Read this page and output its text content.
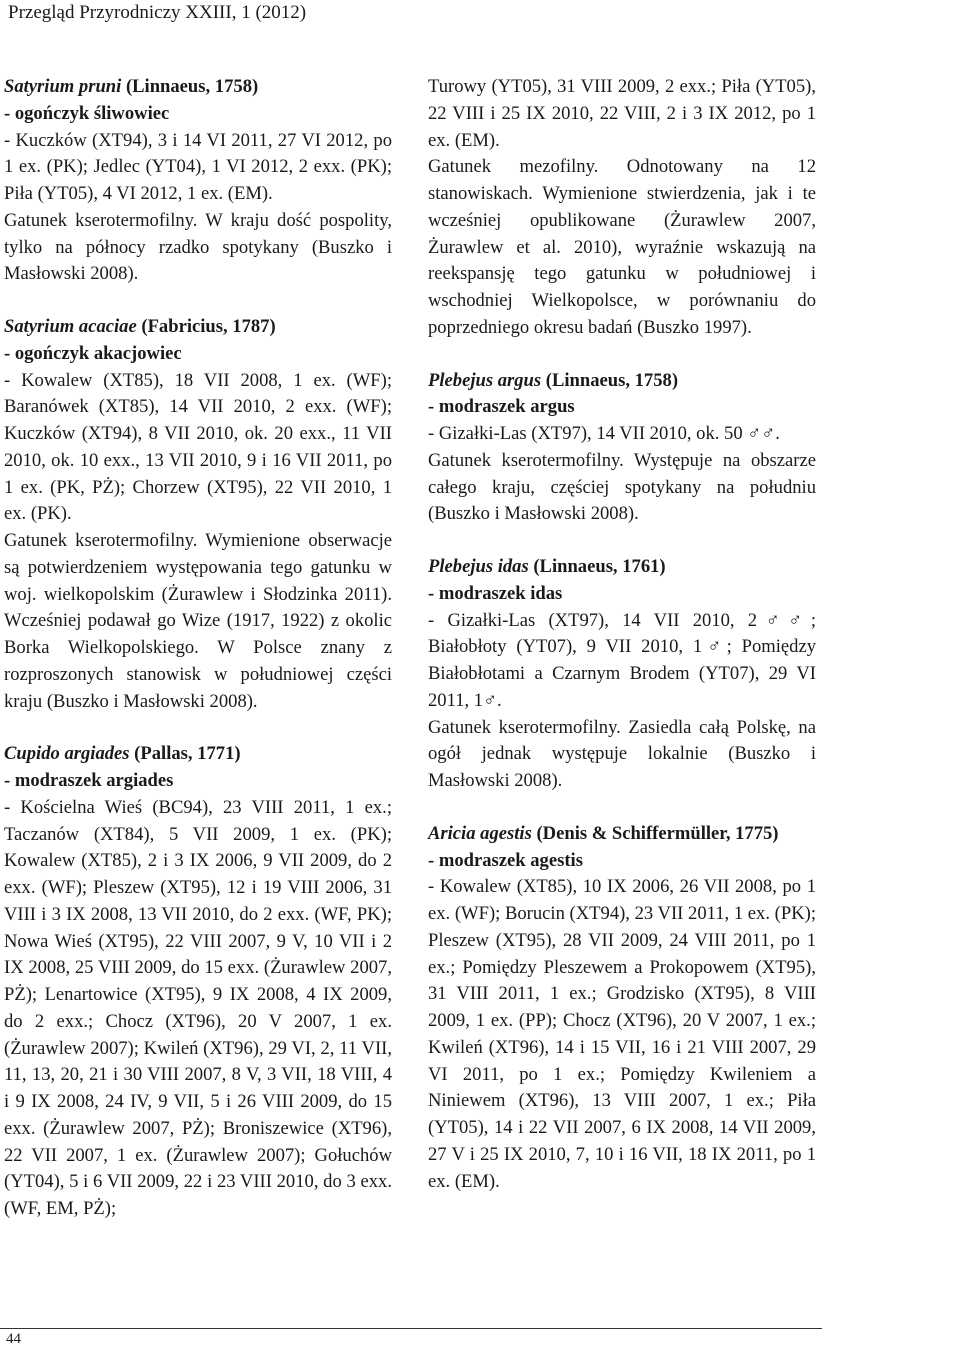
Przegląd Przyrodniczy XXIII, 1 (2012)

Satyrium pruni (Linnaeus, 1758)

- ogończyk śliwowiec

- Kuczków (XT94), 3 i 14 VI 2011, 27 VI 2012, po 1 ex. (PK); Jedlec (YT04), 1 VI 2012, 2 exx. (PK); Piła (YT05), 4 VI 2012, 1 ex. (EM).

Gatunek kserotermofilny. W kraju dość pospolity, tylko na północy rzadko spotykany (Buszko i Masłowski 2008).

Satyrium acaciae (Fabricius, 1787)

- ogończyk akacjowiec

- Kowalew (XT85), 18 VII 2008, 1 ex. (WF); Baranówek (XT85), 14 VII 2010, 2 exx. (WF); Kuczków (XT94), 8 VII 2010, ok. 20 exx., 11 VII 2010, ok. 10 exx., 13 VII 2010, 9 i 16 VII 2011, po 1 ex. (PK, PŻ); Chorzew (XT95), 22 VII 2010, 1 ex. (PK).

Gatunek kserotermofilny. Wymienione obserwacje są potwierdzeniem występowania tego gatunku w woj. wielkopolskim (Żurawlew i Słodzinka 2011). Wcześniej podawał go Wize (1917, 1922) z okolic Borka Wielkopolskiego. W Polsce znany z rozproszonych stanowisk w południowej części kraju (Buszko i Masłowski 2008).

Cupido argiades (Pallas, 1771)

- modraszek argiades

- Kościelna Wieś (BC94), 23 VIII 2011, 1 ex.; Taczanów (XT84), 5 VII 2009, 1 ex. (PK); Kowalew (XT85), 2 i 3 IX 2006, 9 VII 2009, do 2 exx. (WF); Pleszew (XT95), 12 i 19 VIII 2006, 31 VIII i 3 IX 2008, 13 VII 2010, do 2 exx. (WF, PK); Nowa Wieś (XT95), 22 VIII 2007, 9 V, 10 VII i 2 IX 2008, 25 VIII 2009, do 15 exx. (Żurawlew 2007, PŻ); Lenartowice (XT95), 9 IX 2008, 4 IX 2009, do 2 exx.; Chocz (XT96), 20 V 2007, 1 ex. (Żurawlew 2007); Kwileń (XT96), 29 VI, 2, 11 VII, 11, 13, 20, 21 i 30 VIII 2007, 8 V, 3 VII, 18 VIII, 4 i 9 IX 2008, 24 IV, 9 VII, 5 i 26 VIII 2009, do 15 exx. (Żurawlew 2007, PŻ); Broniszewice (XT96), 22 VII 2007, 1 ex. (Żurawlew 2007); Gołuchów (YT04), 5 i 6 VII 2009, 22 i 23 VIII 2010, do 3 exx. (WF, EM, PŻ);

Turowy (YT05), 31 VIII 2009, 2 exx.; Piła (YT05), 22 VIII i 25 IX 2010, 22 VIII, 2 i 3 IX 2012, po 1 ex. (EM).

Gatunek mezofilny. Odnotowany na 12 stanowiskach. Wymienione stwierdzenia, jak i te wcześniej opublikowane (Żurawlew 2007, Żurawlew et al. 2010), wyraźnie wskazują na reekspansję tego gatunku w południowej i wschodniej Wielkopolsce, w porównaniu do poprzedniego okresu badań (Buszko 1997).

Plebejus argus (Linnaeus, 1758)

- modraszek argus

- Gizałki-Las (XT97), 14 VII 2010, ok. 50 ♂♂.

Gatunek kserotermofilny. Występuje na obszarze całego kraju, częściej spotykany na południu (Buszko i Masłowski 2008).

Plebejus idas (Linnaeus, 1761)

- modraszek idas

- Gizałki-Las (XT97), 14 VII 2010, 2♂♂; Białobłoty (YT07), 9 VII 2010, 1♂; Pomiędzy Białobłotami a Czarnym Brodem (YT07), 29 VI 2011, 1♂.

Gatunek kserotermofilny. Zasiedla całą Polskę, na ogół jednak występuje lokalnie (Buszko i Masłowski 2008).

Aricia agestis (Denis & Schiffermüller, 1775)

- modraszek agestis

- Kowalew (XT85), 10 IX 2006, 26 VII 2008, po 1 ex. (WF); Borucin (XT94), 23 VII 2011, 1 ex. (PK); Pleszew (XT95), 28 VII 2009, 24 VIII 2011, po 1 ex.; Pomiędzy Pleszewem a Prokopowem (XT95), 31 VIII 2011, 1 ex.; Grodzisko (XT95), 8 VIII 2009, 1 ex. (PP); Chocz (XT96), 20 V 2007, 1 ex.; Kwileń (XT96), 14 i 15 VII, 16 i 21 VIII 2007, 29 VI 2011, po 1 ex.; Pomiędzy Kwileniem a Niniewem (XT96), 13 VIII 2007, 1 ex.; Piła (YT05), 14 i 22 VII 2007, 6 IX 2008, 14 VII 2009, 27 V i 25 IX 2010, 7, 10 i 16 VII, 18 IX 2011, po 1 ex. (EM).

44
